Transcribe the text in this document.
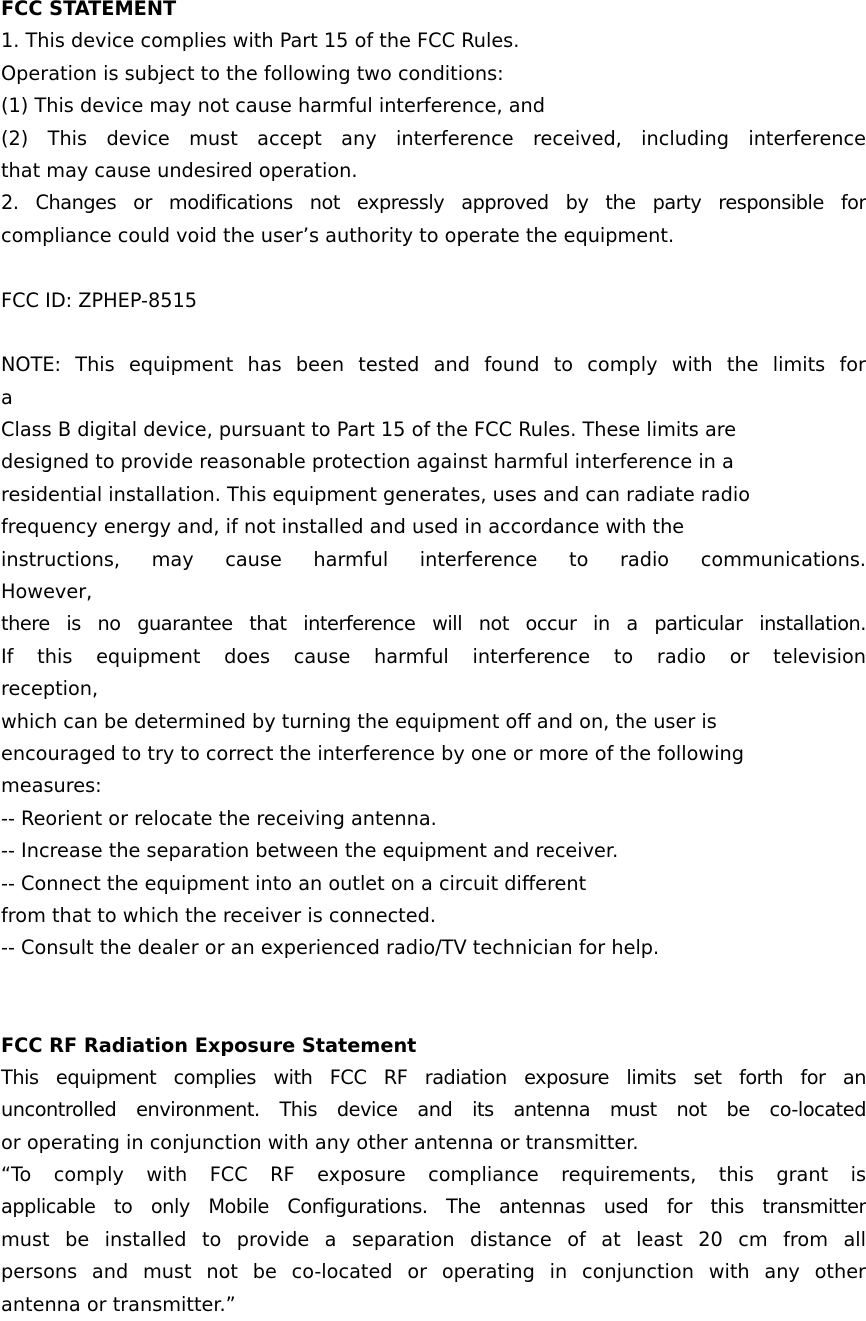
FCC STATEMENT
1. This device complies with Part 15 of the FCC Rules.
Operation is subject to the following two conditions:
(1) This device may not cause harmful interference, and
(2) This device must accept any interference received, including interference
that may cause undesired operation.
2. Changes or modifications not expressly approved by the party responsible for
compliance could void the user’s authority to operate the equipment.
FCC ID: ZPHEP-8515
NOTE: This equipment has been tested and found to comply with the limits for
a
Class B digital device, pursuant to Part 15 of the FCC Rules. These limits are
designed to provide reasonable protection against harmful interference in a
residential installation. This equipment generates, uses and can radiate radio
frequency energy and, if not installed and used in accordance with the
instructions, may cause harmful interference to radio communications.
However,
there is no guarantee that interference will not occur in a particular installation.
If this equipment does cause harmful interference to radio or television
reception,
which can be determined by turning the equipment off and on, the user is
encouraged to try to correct the interference by one or more of the following
measures:
-- Reorient or relocate the receiving antenna.
-- Increase the separation between the equipment and receiver.
-- Connect the equipment into an outlet on a circuit different
from that to which the receiver is connected.
-- Consult the dealer or an experienced radio/TV technician for help.
FCC RF Radiation Exposure Statement
This equipment complies with FCC RF radiation exposure limits set forth for an
uncontrolled environment. This device and its antenna must not be co-located
or operating in conjunction with any other antenna or transmitter.
“To comply with FCC RF exposure compliance requirements, this grant is
applicable to only Mobile Configurations. The antennas used for this transmitter
must be installed to provide a separation distance of at least 20 cm from all
persons and must not be co-located or operating in conjunction with any other
antenna or transmitter.”
